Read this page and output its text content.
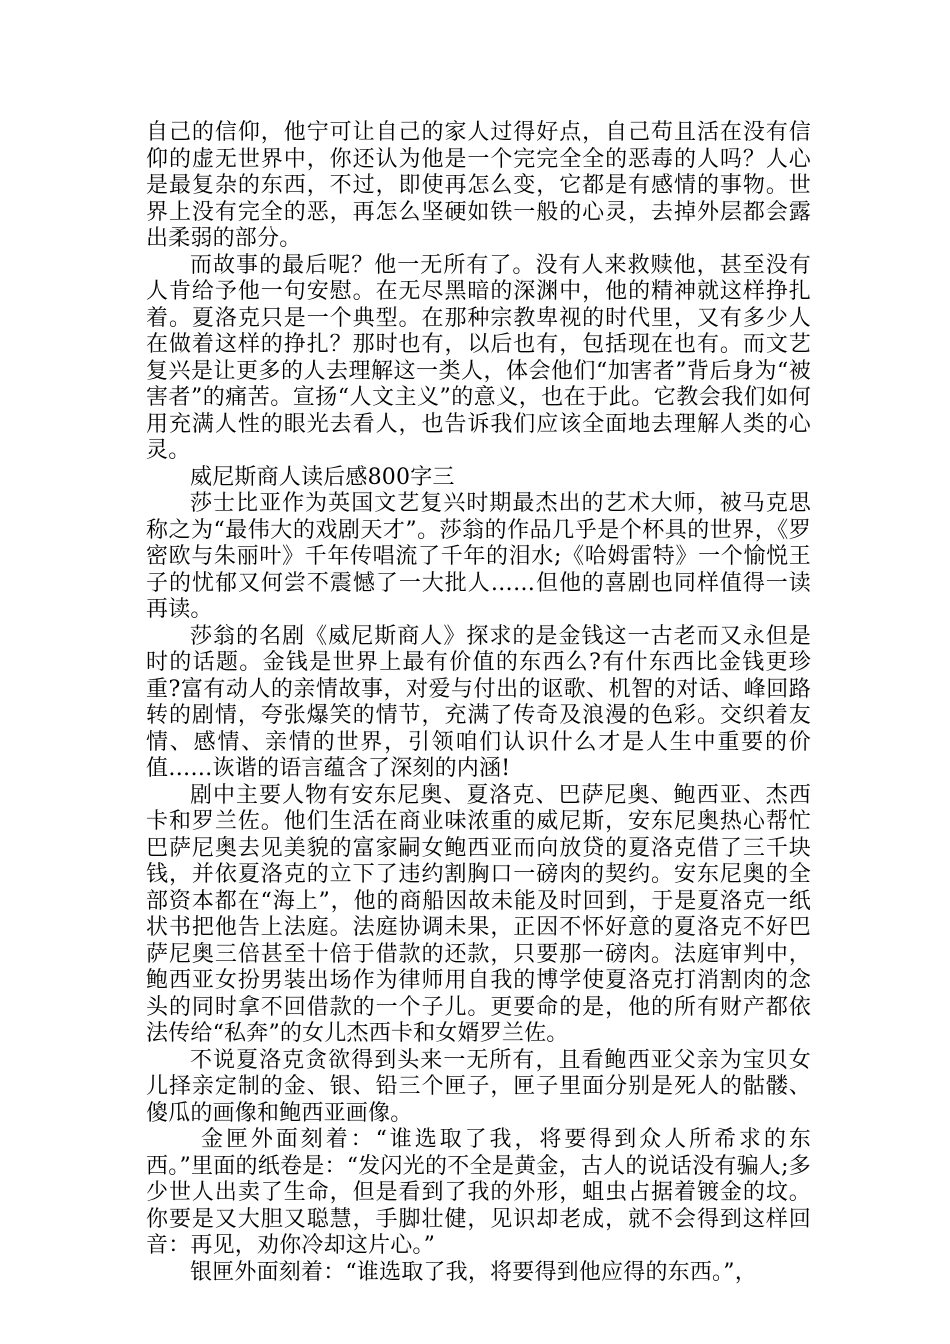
自己的信仰，他宁可让自己的家人过得好点，自己苟且活在没有信仰的虚无世界中，你还认为他是一个完完全全的恶毒的人吗？人心是最复杂的东西，不过，即使再怎么变，它都是有感情的事物。世界上没有完全的恶，再怎么坚硬如铁一般的心灵，去掉外层都会露出柔弱的部分。

而故事的最后呢？他一无所有了。没有人来救赎他，甚至没有人肯给予他一句安慰。在无尽黑暗的深渊中，他的精神就这样挣扎着。夏洛克只是一个典型。在那种宗教卑视的时代里，又有多少人在做着这样的挣扎？那时也有，以后也有，包括现在也有。而文艺复兴是让更多的人去理解这一类人，体会他们“加害者”背后身为“被害者”的痛苦。宣扬“人文主义”的意义，也在于此。它教会我们如何用充满人性的眼光去看人，也告诉我们应该全面地去理解人类的心灵。

威尼斯商人读后感800字三

莎士比亚作为英国文艺复兴时期最杰出的艺术大师，被马克思称之为“最伟大的戏剧天才”。莎翁的作品几乎是个杯具的世界，《罗密欧与朱丽叶》千年传唱流了千年的泪水;《哈姆雷特》一个愉悦王子的忧郁又何尝不震憾了一大批人……但他的喜剧也同样值得一读再读。

莎翁的名剧《威尼斯商人》探求的是金钱这一古老而又永但是时的话题。金钱是世界上最有价值的东西么?有什东西比金钱更珍重?富有动人的亲情故事，对爱与付出的讴歌、机智的对话、峰回路转的剧情，夸张爆笑的情节，充满了传奇及浪漫的色彩。交织着友情、感情、亲情的世界，引领咱们认识什么才是人生中重要的价值……诙谐的语言蕴含了深刻的内涵!

剧中主要人物有安东尼奥、夏洛克、巴萨尼奥、鲍西亚、杰西卡和罗兰佐。他们生活在商业味浓重的威尼斯，安东尼奥热心帮忙巴萨尼奥去见美貌的富家嗣女鲍西亚而向放贷的夏洛克借了三千块钱，并依夏洛克的立下了违约割胸口一磅肉的契约。安东尼奥的全部资本都在“海上”，他的商船因故未能及时回到，于是夏洛克一纸状书把他告上法庭。法庭协调未果，正因不怀好意的夏洛克不好巴萨尼奥三倍甚至十倍于借款的还款，只要那一磅肉。法庭审判中，鲍西亚女扮男装出场作为律师用自我的博学使夏洛克打消割肉的念头的同时拿不回借款的一个子儿。更要命的是，他的所有财产都依法传给“私奔”的女儿杰西卡和女婿罗兰佐。

不说夏洛克贪欲得到头来一无所有，且看鲍西亚父亲为宝贝女儿择亲定制的金、银、铅三个匣子，匣子里面分别是死人的骷髅、傻瓜的画像和鲍西亚画像。

金匣外面刻着：“谁选取了我，将要得到众人所希求的东西。”里面的纸卷是：“发闪光的不全是黄金，古人的说话没有骗人;多少世人出卖了生命，但是看到了我的外形，蛆虫占据着镀金的坟。你要是又大胆又聪慧，手脚壮健，见识却老成，就不会得到这样回音：再见，劝你冷却这片心。”

银匣外面刻着：“谁选取了我，将要得到他应得的东西。”，
